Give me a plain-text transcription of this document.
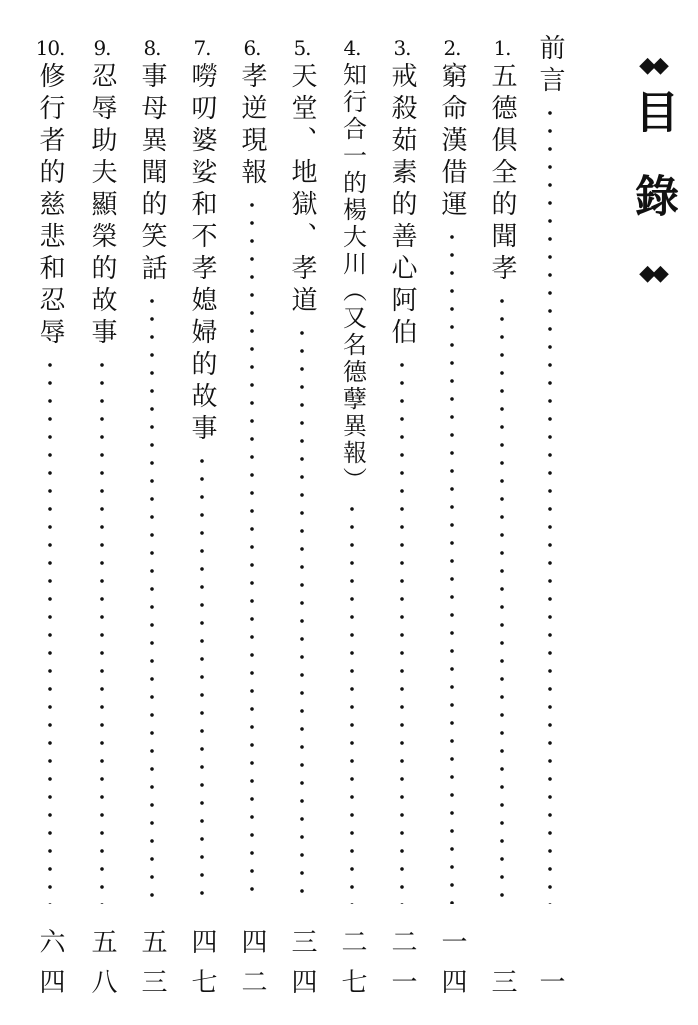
◆◆
目錄
◆◆
前言
1.
五德俱全的聞孝
2.
窮命漢借運
3.
戒殺茹素的善心阿伯
4.
知行合一的楊大川（又名德孽異報）
5.
天堂、地獄、孝道
6.
孝逆現報
7.
嘮叨婆娑和不孝媳婦的故事
8.
事母異聞的笑話
9.
忍辱助夫顯榮的故事
10.
修行者的慈悲和忍辱
一
三
一四
二一
二七
三四
四二
四七
五三
五八
六四
